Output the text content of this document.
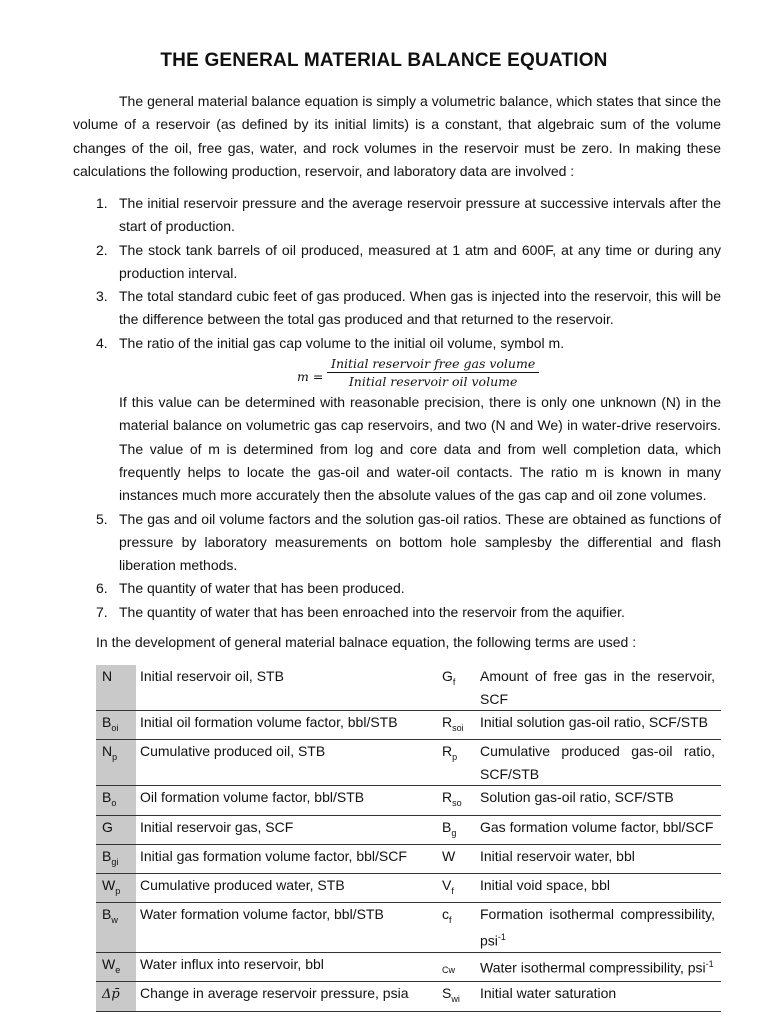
THE GENERAL MATERIAL BALANCE EQUATION
The general material balance equation is simply a volumetric balance, which states that since the volume of a reservoir (as defined by its initial limits) is a constant, that algebraic sum of the volume changes of the oil, free gas, water, and rock volumes in the reservoir must be zero. In making these calculations the following production, reservoir, and laboratory data are involved :
1. The initial reservoir pressure and the average reservoir pressure at successive intervals after the start of production.
2. The stock tank barrels of oil produced, measured at 1 atm and 600F, at any time or during any production interval.
3. The total standard cubic feet of gas produced. When gas is injected into the reservoir, this will be the difference between the total gas produced and that returned to the reservoir.
4. The ratio of the initial gas cap volume to the initial oil volume, symbol m.
m =
Initial reservoir free gas volume
Initial reservoir oil volume
If this value can be determined with reasonable precision, there is only one unknown (N) in the material balance on volumetric gas cap reservoirs, and two (N and We) in water-drive reservoirs. The value of m is determined from log and core data and from well completion data, which frequently helps to locate the gas-oil and water-oil contacts. The ratio m is known in many instances much more accurately then the absolute values of the gas cap and oil zone volumes.
5. The gas and oil volume factors and the solution gas-oil ratios. These are obtained as functions of pressure by laboratory measurements on bottom hole samplesby the differential and flash liberation methods.
6. The quantity of water that has been produced.
7. The quantity of water that has been enroached into the reservoir from the aquifier.
In the development of general material balnace equation, the following terms are used :
N	Initial reservoir oil, STB	$G_f$	Amount of free gas in the reservoir, SCF
$B_{oi}$	Initial oil formation volume factor, bbl/STB	$R_{soi}$	Initial solution gas-oil ratio, SCF/STB
$N_p$	Cumulative produced oil, STB	$R_p$	Cumulative produced gas-oil ratio, SCF/STB
$B_o$	Oil formation volume factor, bbl/STB	$R_{so}$	Solution gas-oil ratio, SCF/STB
G	Initial reservoir gas, SCF	$B_g$	Gas formation volume factor, bbl/SCF
$B_{gi}$	Initial gas formation volume factor, bbl/SCF	W	Initial reservoir water, bbl
$W_p$	Cumulative produced water, STB	$V_f$	Initial void space, bbl
$B_w$	Water formation volume factor, bbl/STB	$c_f$	Formation isothermal compressibility, psi$^{-1}$
$W_e$	Water influx into reservoir, bbl	$_{Cw}$	Water isothermal compressibility, psi$^{-1}$
Δp̄	Change in average reservoir pressure, psia	$S_{wi}$	Initial water saturation
